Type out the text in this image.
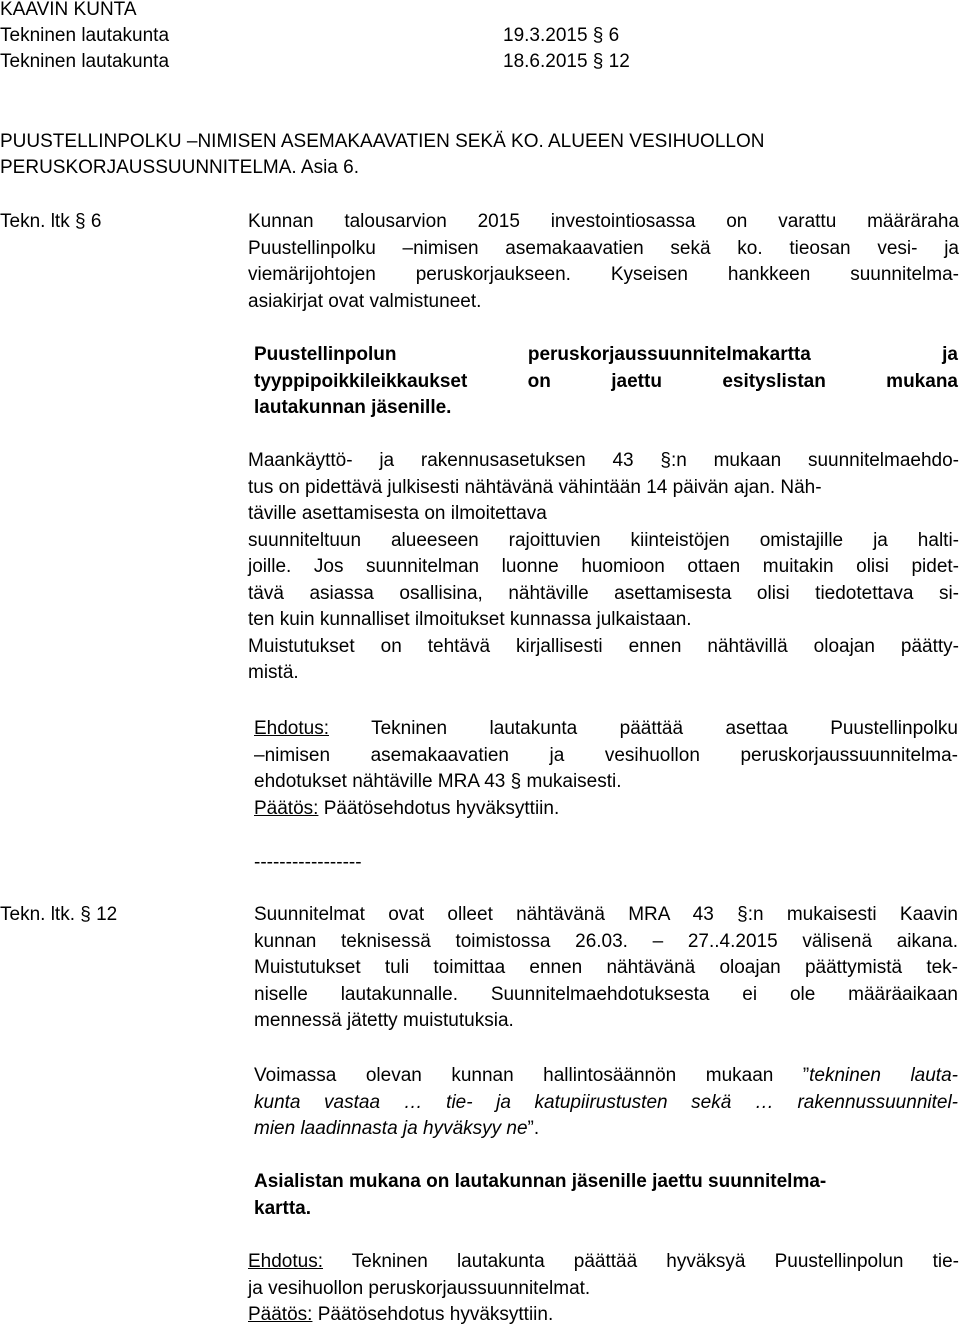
KAAVIN KUNTA
Tekninen lautakunta	19.3.2015 § 6
Tekninen lautakunta	18.6.2015 § 12
PUUSTELLINPOLKU –NIMISEN ASEMAKAAVATIEN SEKÄ KO. ALUEEN VESIHUOLLON
PERUSKORJAUSSUUNNITELMA. Asia 6.
Tekn. ltk § 6	Kunnan talousarvion 2015 investointiosassa on varattu määräraha
Puustellinpolku –nimisen asemakaavatien sekä ko. tieosan vesi- ja
viemärijohtojen peruskorjaukseen. Kyseisen hankkeen suunnitelma-
asiakirjat ovat valmistuneet.
Puustellinpolun peruskorjaussuunnitelmakartta ja
tyyppipoikkileikkaukset on jaettu esityslistan mukana
lautakunnan jäsenille.
Maankäyttö- ja rakennusasetuksen 43 §:n mukaan suunnitelmaehdo-
tus on pidettävä julkisesti nähtävänä vähintään 14 päivän ajan. Näh-
täville asettamisesta on ilmoitettava
suunniteltuun alueeseen rajoittuvien kiinteistöjen omistajille ja halti-
joille. Jos suunnitelman luonne huomioon ottaen muitakin olisi pidet-
tävä asiassa osallisina, nähtäville asettamisesta olisi tiedotettava si-
ten kuin kunnalliset ilmoitukset kunnassa julkaistaan.
Muistutukset on tehtävä kirjallisesti ennen nähtävillä oloajan päätty-
mistä.
Ehdotus: Tekninen lautakunta päättää asettaa Puustellinpolku
–nimisen asemakaavatien ja vesihuollon peruskorjaussuunnitelma-
ehdotukset nähtäville MRA 43 § mukaisesti.
Päätös: Päätösehdotus hyväksyttiin.
-----------------
Tekn. ltk. § 12	Suunnitelmat ovat olleet nähtävänä MRA 43 §:n mukaisesti Kaavin
kunnan teknisessä toimistossa 26.03. – 27..4.2015 välisenä aikana.
Muistutukset tuli toimittaa ennen nähtävänä oloajan päättymistä tek-
niselle lautakunnalle. Suunnitelmaehdotuksesta ei ole määräaikaan
mennessä jätetty muistutuksia.
Voimassa olevan kunnan hallintosäännön mukaan ”tekninen lauta-
kunta vastaa … tie- ja katupiirustusten sekä … rakennussuunnitel-
mien laadinnasta ja hyväksyy ne”.
Asialistan mukana on lautakunnan jäsenille jaettu suunnitelma-
kartta.
Ehdotus: Tekninen lautakunta päättää hyväksyä Puustellinpolun tie-
ja vesihuollon peruskorjaussuunnitelmat.
Päätös: Päätösehdotus hyväksyttiin.
